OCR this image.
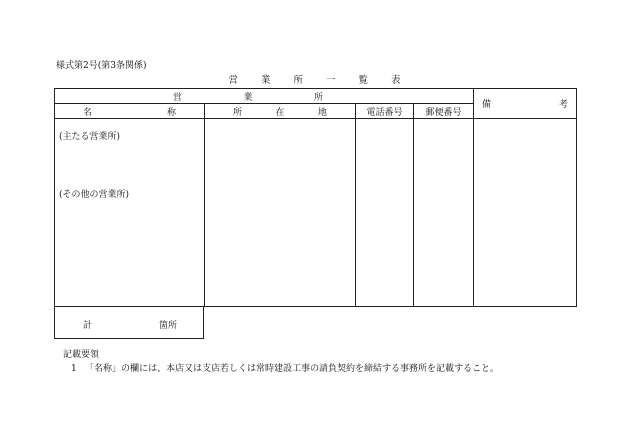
様式第2号(第3条関係)
営 業 所 一 覧 表
営 業 所				備 考

名 称	所 在 地	電話番号	郵便番号	

(主たる営業所)
(その他の営業所)				

計	箇所
記載要領
1 「名称」の欄には、本店又は支店若しくは常時建設工事の請負契約を締結する事務所を記載すること。
